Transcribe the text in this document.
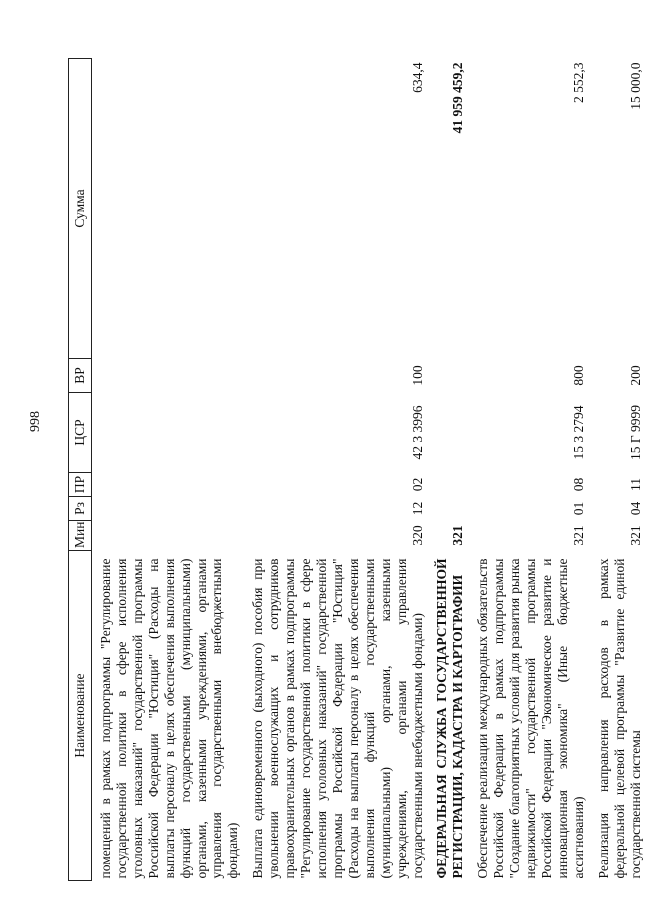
998
Наименование	Мин	Рз	ПР	ЦСР	ВР	Сумма
помещений в рамках подпрограммы "Регулирование государственной политики в сфере исполнения уголовных наказаний" государственной программы Российской Федерации "Юстиция" (Расходы на выплаты персоналу в целях обеспечения выполнения функций государственными (муниципальными) органами, казенными учреждениями, органами управления государственными внебюджетными фондами)						
Выплата единовременного (выходного) пособия при увольнении военнослужащих и сотрудников правоохранительных органов в рамках подпрограммы "Регулирование государственной политики в сфере исполнения уголовных наказаний" государственной программы Российской Федерации "Юстиция" (Расходы на выплаты персоналу в целях обеспечения выполнения функций государственными (муниципальными) органами, казенными учреждениями, органами управления государственными внебюджетными фондами)	320	12	02	42 3 3996	100	634,4
ФЕДЕРАЛЬНАЯ СЛУЖБА ГОСУДАРСТВЕННОЙ РЕГИСТРАЦИИ, КАДАСТРА И КАРТОГРАФИИ	321					41 959 459,2
Обеспечение реализации международных обязательств Российской Федерации в рамках подпрограммы "Создание благоприятных условий для развития рынка недвижимости" государственной программы Российской Федерации "Экономическое развитие и инновационная экономика" (Иные бюджетные ассигнования)	321	01	08	15 3 2794	800	2 552,3
Реализация направления расходов в рамках федеральной целевой программы "Развитие единой государственной системы	321	04	11	15 Г 9999	200	15 000,0
